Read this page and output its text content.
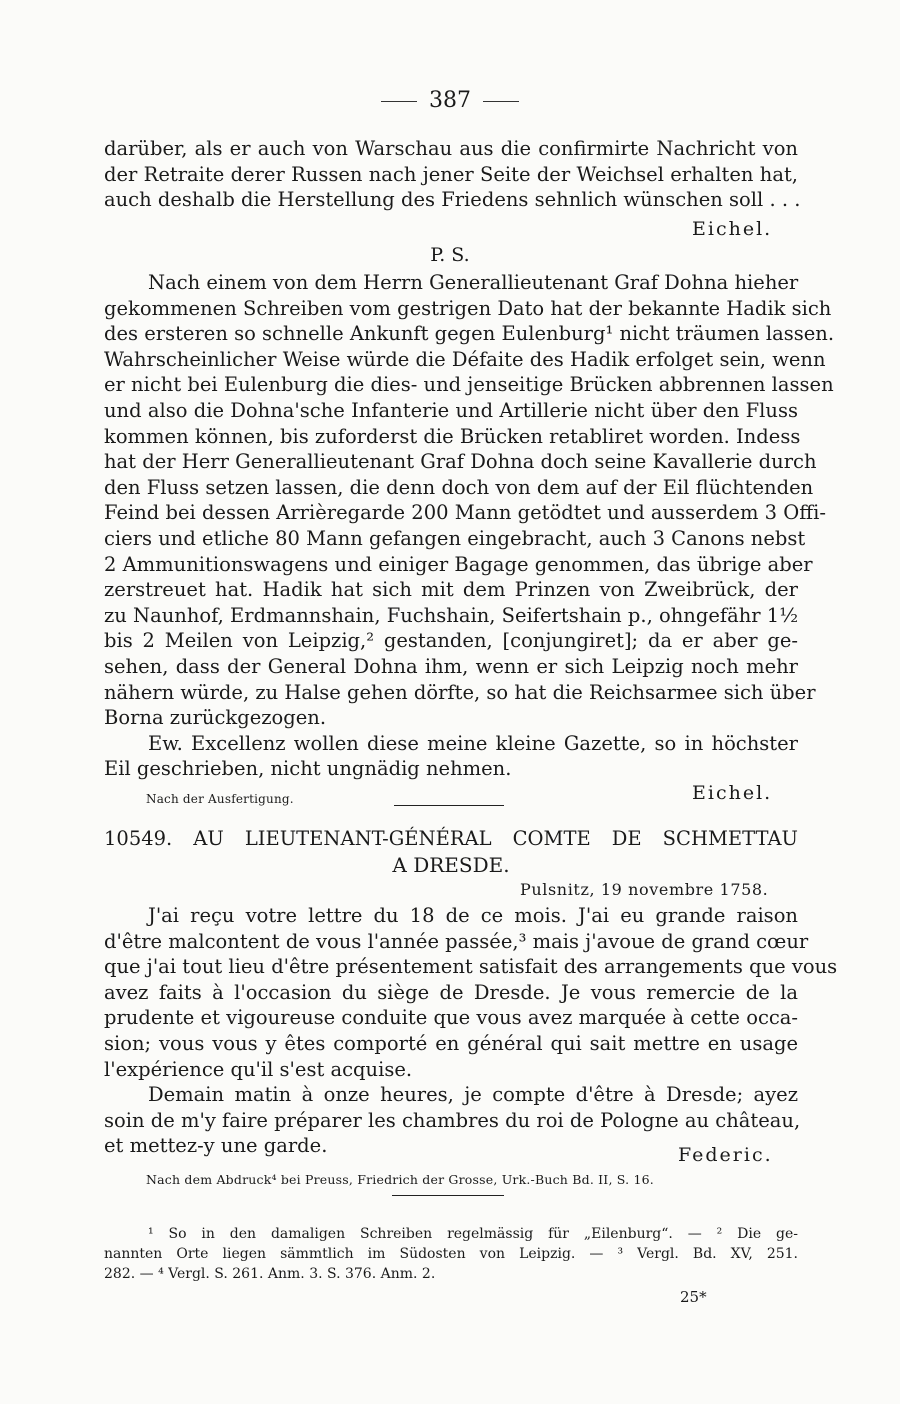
387
darüber, als er auch von Warschau aus die confirmirte Nachricht von
der Retraite derer Russen nach jener Seite der Weichsel erhalten hat,
auch deshalb die Herstellung des Friedens sehnlich wünschen soll . . .
Eichel.
P. S.
Nach einem von dem Herrn Generallieutenant Graf Dohna hieher
gekommenen Schreiben vom gestrigen Dato hat der bekannte Hadik sich
des ersteren so schnelle Ankunft gegen Eulenburg¹ nicht träumen lassen.
Wahrscheinlicher Weise würde die Défaite des Hadik erfolget sein, wenn
er nicht bei Eulenburg die dies- und jenseitige Brücken abbrennen lassen
und also die Dohna'sche Infanterie und Artillerie nicht über den Fluss
kommen können, bis zuforderst die Brücken retabliret worden. Indess
hat der Herr Generallieutenant Graf Dohna doch seine Kavallerie durch
den Fluss setzen lassen, die denn doch von dem auf der Eil flüchtenden
Feind bei dessen Arrièregarde 200 Mann getödtet und ausserdem 3 Offi-
ciers und etliche 80 Mann gefangen eingebracht, auch 3 Canons nebst
2 Ammunitionswagens und einiger Bagage genommen, das übrige aber
zerstreuet hat. Hadik hat sich mit dem Prinzen von Zweibrück, der
zu Naunhof, Erdmannshain, Fuchshain, Seifertshain p., ohngefähr 1½
bis 2 Meilen von Leipzig,² gestanden, [conjungiret]; da er aber ge-
sehen, dass der General Dohna ihm, wenn er sich Leipzig noch mehr
nähern würde, zu Halse gehen dörfte, so hat die Reichsarmee sich über
Borna zurückgezogen.
Ew. Excellenz wollen diese meine kleine Gazette, so in höchster
Eil geschrieben, nicht ungnädig nehmen.
Nach der Ausfertigung.	Eichel.
10549. AU LIEUTENANT-GÉNÉRAL COMTE DE SCHMETTAU
A DRESDE.
Pulsnitz, 19 novembre 1758.
J'ai reçu votre lettre du 18 de ce mois. J'ai eu grande raison
d'être malcontent de vous l'année passée,³ mais j'avoue de grand cœur
que j'ai tout lieu d'être présentement satisfait des arrangements que vous
avez faits à l'occasion du siège de Dresde. Je vous remercie de la
prudente et vigoureuse conduite que vous avez marquée à cette occa-
sion; vous vous y êtes comporté en général qui sait mettre en usage
l'expérience qu'il s'est acquise.
Demain matin à onze heures, je compte d'être à Dresde; ayez
soin de m'y faire préparer les chambres du roi de Pologne au château,
et mettez-y une garde.	Federic.
Nach dem Abdruck⁴ bei Preuss, Friedrich der Grosse, Urk.-Buch Bd. II, S. 16.
¹ So in den damaligen Schreiben regelmässig für „Eilenburg“. — ² Die ge-
nannten Orte liegen sämmtlich im Südosten von Leipzig. — ³ Vergl. Bd. XV, 251.
282. — ⁴ Vergl. S. 261. Anm. 3. S. 376. Anm. 2.
25*
